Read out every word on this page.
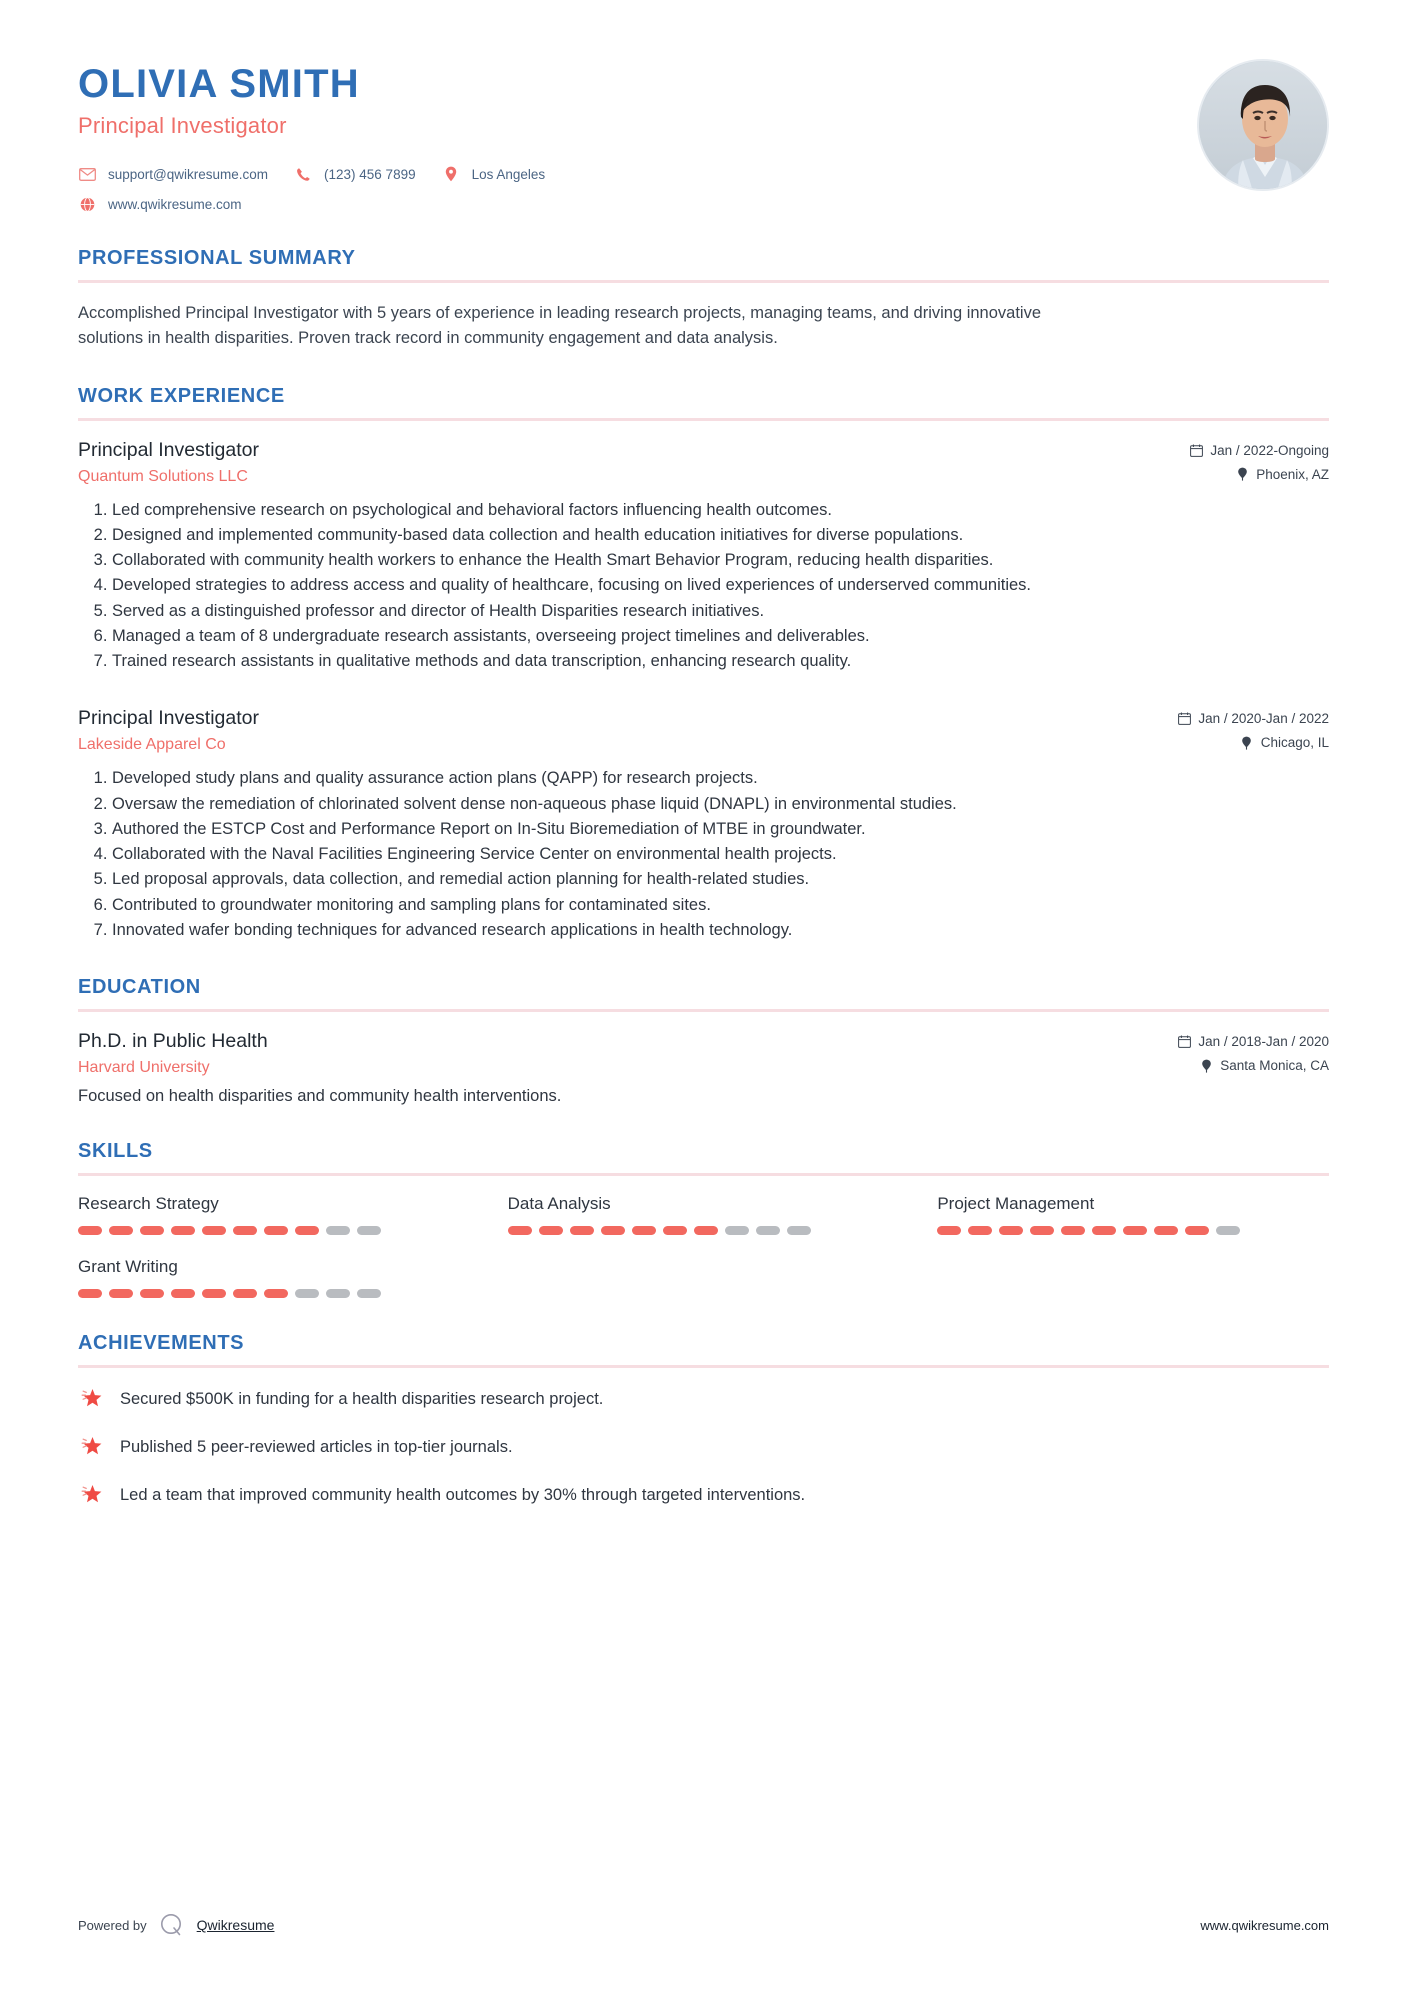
OLIVIA SMITH
Principal Investigator
support@qwikresume.com	(123) 456 7899	Los Angeles
www.qwikresume.com
PROFESSIONAL SUMMARY

Accomplished Principal Investigator with 5 years of experience in leading research projects, managing teams, and driving innovative solutions in health disparities. Proven track record in community engagement and data analysis.

WORK EXPERIENCE
Principal Investigator
Quantum Solutions LLC
Jan / 2022-Ongoing
Phoenix, AZ
1. Led comprehensive research on psychological and behavioral factors influencing health outcomes.
2. Designed and implemented community-based data collection and health education initiatives for diverse populations.
3. Collaborated with community health workers to enhance the Health Smart Behavior Program, reducing health disparities.
4. Developed strategies to address access and quality of healthcare, focusing on lived experiences of underserved communities.
5. Served as a distinguished professor and director of Health Disparities research initiatives.
6. Managed a team of 8 undergraduate research assistants, overseeing project timelines and deliverables.
7. Trained research assistants in qualitative methods and data transcription, enhancing research quality.
Principal Investigator
Lakeside Apparel Co
Jan / 2020-Jan / 2022
Chicago, IL
1. Developed study plans and quality assurance action plans (QAPP) for research projects.
2. Oversaw the remediation of chlorinated solvent dense non-aqueous phase liquid (DNAPL) in environmental studies.
3. Authored the ESTCP Cost and Performance Report on In-Situ Bioremediation of MTBE in groundwater.
4. Collaborated with the Naval Facilities Engineering Service Center on environmental health projects.
5. Led proposal approvals, data collection, and remedial action planning for health-related studies.
6. Contributed to groundwater monitoring and sampling plans for contaminated sites.
7. Innovated wafer bonding techniques for advanced research applications in health technology.
EDUCATION
Ph.D. in Public Health
Harvard University
Jan / 2018-Jan / 2020
Santa Monica, CA

Focused on health disparities and community health interventions.

SKILLS
Research Strategy	Data Analysis	Project Management
Grant Writing
ACHIEVEMENTS
Secured $500K in funding for a health disparities research project.
Published 5 peer-reviewed articles in top-tier journals.
Led a team that improved community health outcomes by 30% through targeted interventions.
Powered by	Qwikresume	www.qwikresume.com
